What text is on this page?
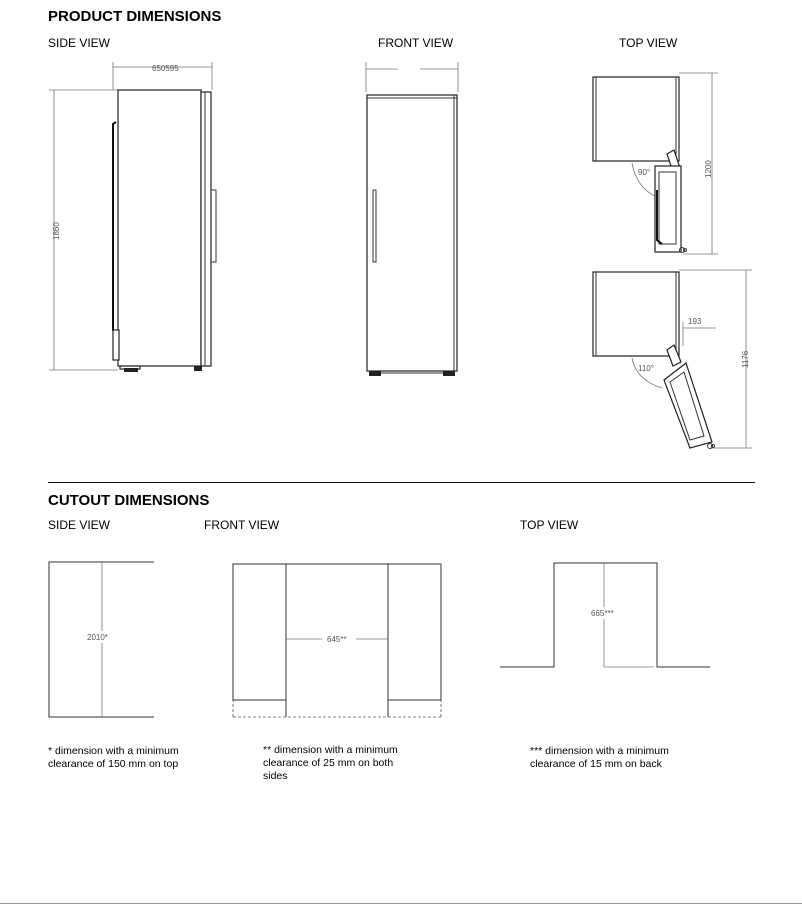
PRODUCT DIMENSIONS
SIDE VIEW	FRONT VIEW	TOP VIEW
CUTOUT DIMENSIONS
SIDE VIEW	FRONT VIEW	TOP VIEW
* dimension with a minimum clearance of 150 mm on top
** dimension with a minimum clearance of 25 mm on both sides
*** dimension with a minimum clearance of 15 mm on back
650595
1860
1200
90°
1176
193
110°
2010*	645**
665***
